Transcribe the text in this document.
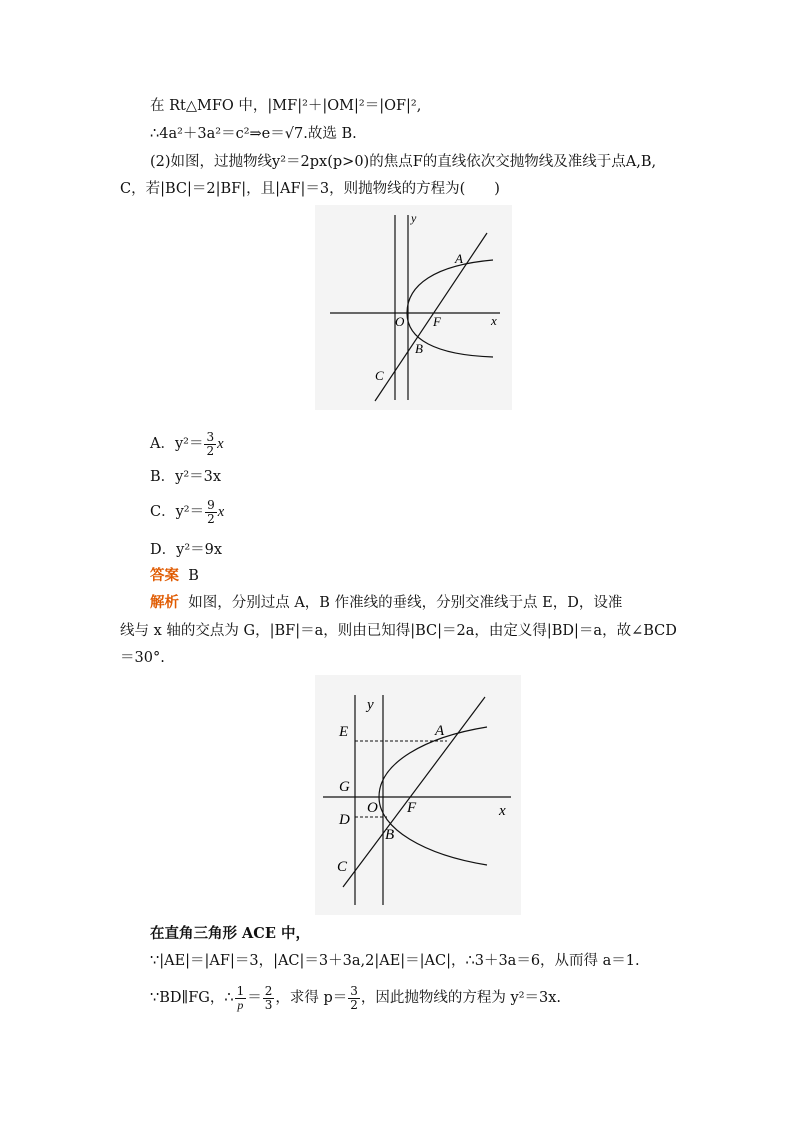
在 Rt△MFO 中，|MF|²＋|OM|²＝|OF|²,
∴4a²＋3a²＝c²⇒e＝√7.故选 B.
(2)如图，过抛物线y²＝2px(p>0)的焦点F的直线依次交抛物线及准线于点A,B,
C，若|BC|＝2|BF|，且|AF|＝3，则抛物线的方程为(　　)
y
x
O F
A
B
C
A．$y^2= \frac{3}{2}$ x
B．y²＝3x
C．$y^2= \frac{9}{2}$ x
D．y²＝9x
答案 B
解析 如图，分别过点 A，B 作准线的垂线，分别交准线于点 E，D，设准
线与 x 轴的交点为 G，|BF|＝a，则由已知得|BC|＝2a，由定义得|BD|＝a，故∠BCD
＝30°.
y
x
O F
A
B
C
D
E
G
在直角三角形 ACE 中，
∵|AE|＝|AF|＝3，|AC|＝3＋3a,2|AE|＝|AC|，∴3＋3a＝6，从而得 a＝1.
∵BD∥FG，∴ $\frac{1}{p} = \frac{2}{3}$ ，求得 $p= \frac{3}{2}$ ，因此抛物线的方程为 y²＝3x.
